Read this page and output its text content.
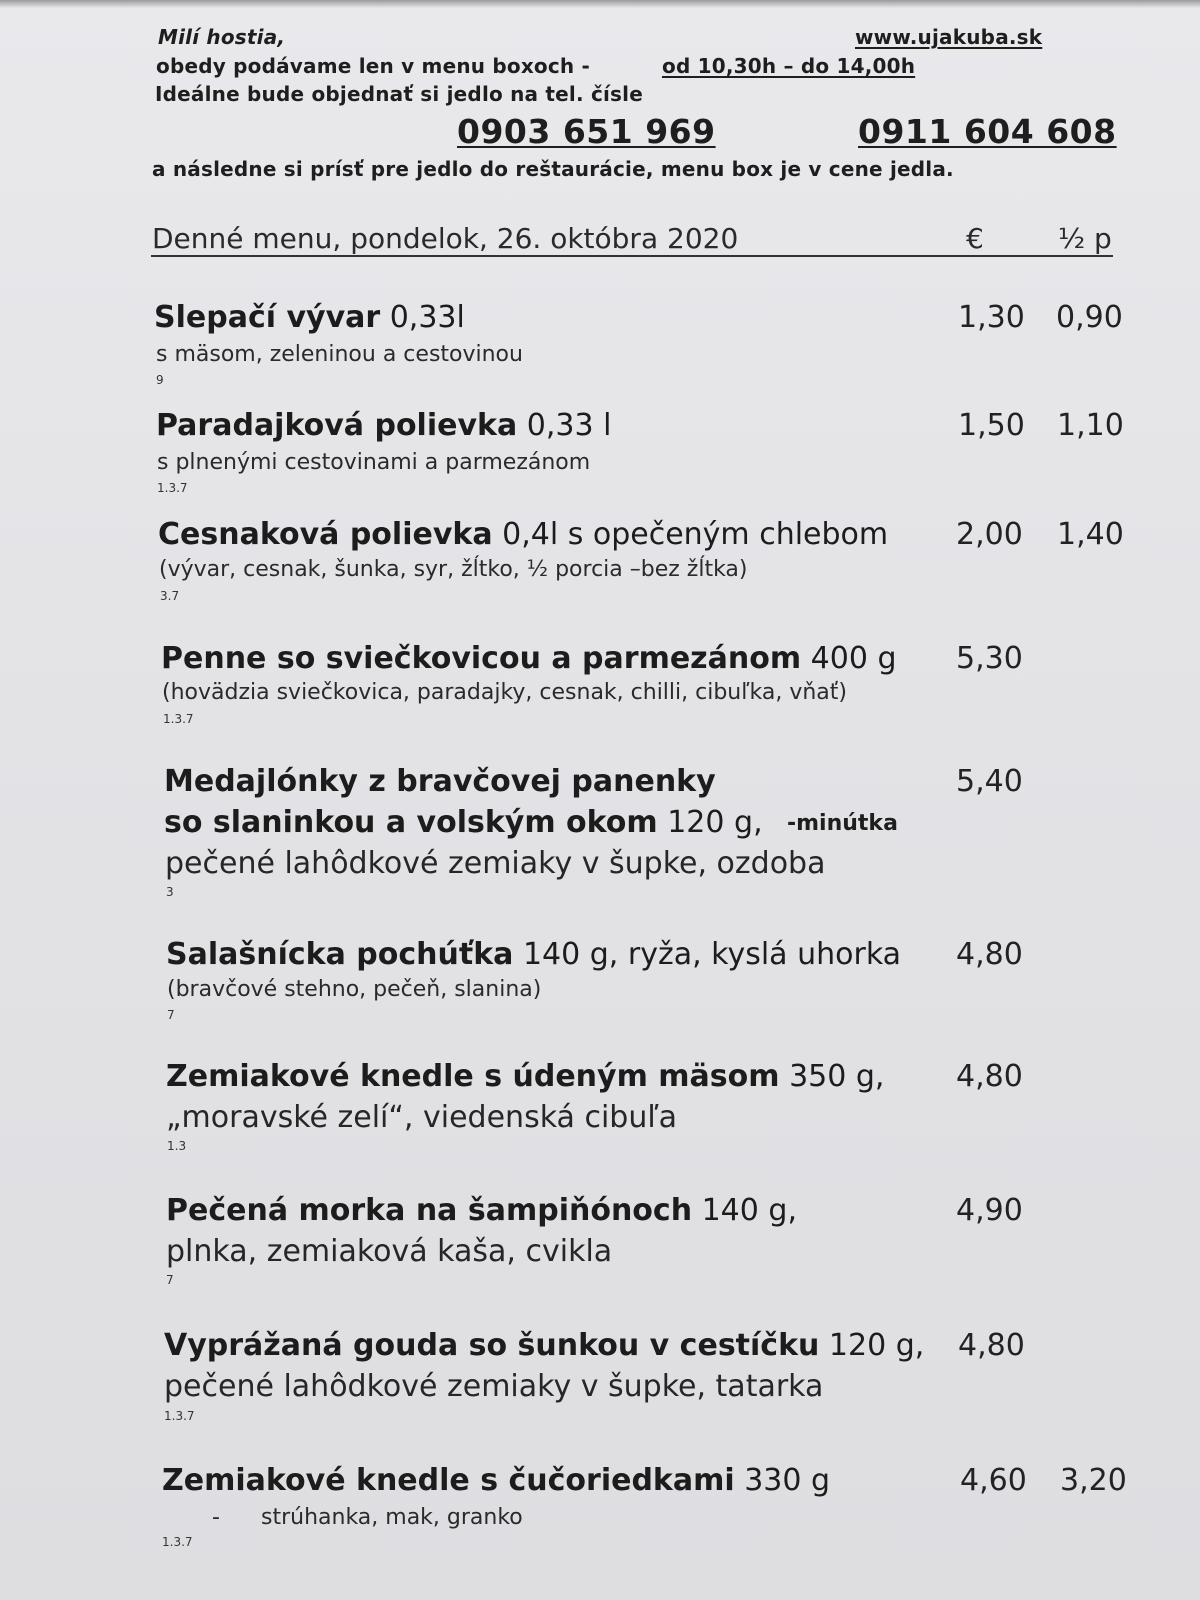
Milí hostia,	www.ujakuba.sk
obedy podávame len v menu boxoch -	od 10,30h – do 14,00h
Ideálne bude objednať si jedlo na tel. čísle
0903 651 969	0911 604 608
a následne si prísť pre jedlo do reštaurácie, menu box je v cene jedla.
Denné menu, pondelok, 26. októbra 2020	€	½ p
Slepačí vývar 0,33l
s mäsom, zeleninou a cestovinou
9
1,30 0,90
Paradajková polievka 0,33 l
s plnenými cestovinami a parmezánom
1.3.7
1,50 1,10
Cesnaková polievka 0,4l s opečeným chlebom
(vývar, cesnak, šunka, syr, žĺtko, ½ porcia –bez žĺtka)
3.7
2,00 1,40
Penne so sviečkovicou a parmezánom 400 g
(hovädzia sviečkovica, paradajky, cesnak, chilli, cibuľka, vňať)
1.3.7
5,30
Medajlónky z bravčovej panenky
so slaninkou a volským okom 120 g, -minútka
pečené lahôdkové zemiaky v šupke, ozdoba
3
5,40
Salašnícka pochúťka 140 g, ryža, kyslá uhorka
(bravčové stehno, pečeň, slanina)
7
4,80
Zemiakové knedle s údeným mäsom 350 g,
„moravské zelí“, viedenská cibuľa
1.3
4,80
Pečená morka na šampiňónoch 140 g,
plnka, zemiaková kaša, cvikla
7
4,90
Vyprážaná gouda so šunkou v cestíčku 120 g,
pečené lahôdkové zemiaky v šupke, tatarka
1.3.7
4,80
Zemiakové knedle s čučoriedkami 330 g
- strúhanka, mak, granko
1.3.7
4,60 3,20
